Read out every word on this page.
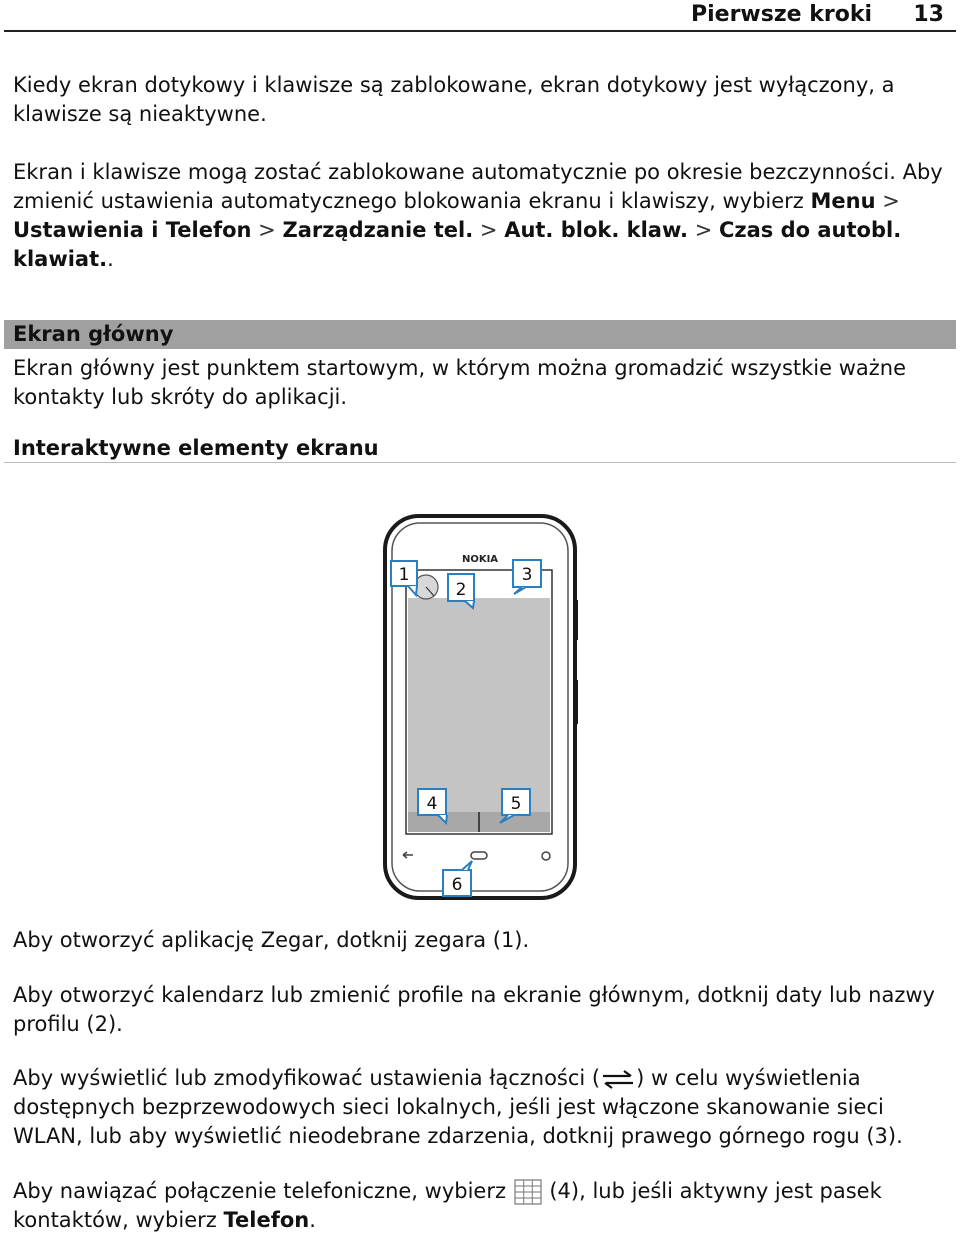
Pierwsze kroki 13
Kiedy ekran dotykowy i klawisze są zablokowane, ekran dotykowy jest wyłączony, a klawisze są nieaktywne.
Ekran i klawisze mogą zostać zablokowane automatycznie po okresie bezczynności. Aby zmienić ustawienia automatycznego blokowania ekranu i klawiszy, wybierz Menu > Ustawienia i Telefon > Zarządzanie tel. > Aut. blok. klaw. > Czas do autobl. klawiat..
Ekran główny
Ekran główny jest punktem startowym, w którym można gromadzić wszystkie ważne kontakty lub skróty do aplikacji.
Interaktywne elementy ekranu
NOKIA
1
2
3
4	5
6
Aby otworzyć aplikację Zegar, dotknij zegara (1).
Aby otworzyć kalendarz lub zmienić profile na ekranie głównym, dotknij daty lub nazwy profilu (2).
Aby wyświetlić lub zmodyfikować ustawienia łączności ( ) w celu wyświetlenia dostępnych bezprzewodowych sieci lokalnych, jeśli jest włączone skanowanie sieci WLAN, lub aby wyświetlić nieodebrane zdarzenia, dotknij prawego górnego rogu (3).
Aby nawiązać połączenie telefoniczne, wybierz  (4), lub jeśli aktywny jest pasek kontaktów, wybierz Telefon.
